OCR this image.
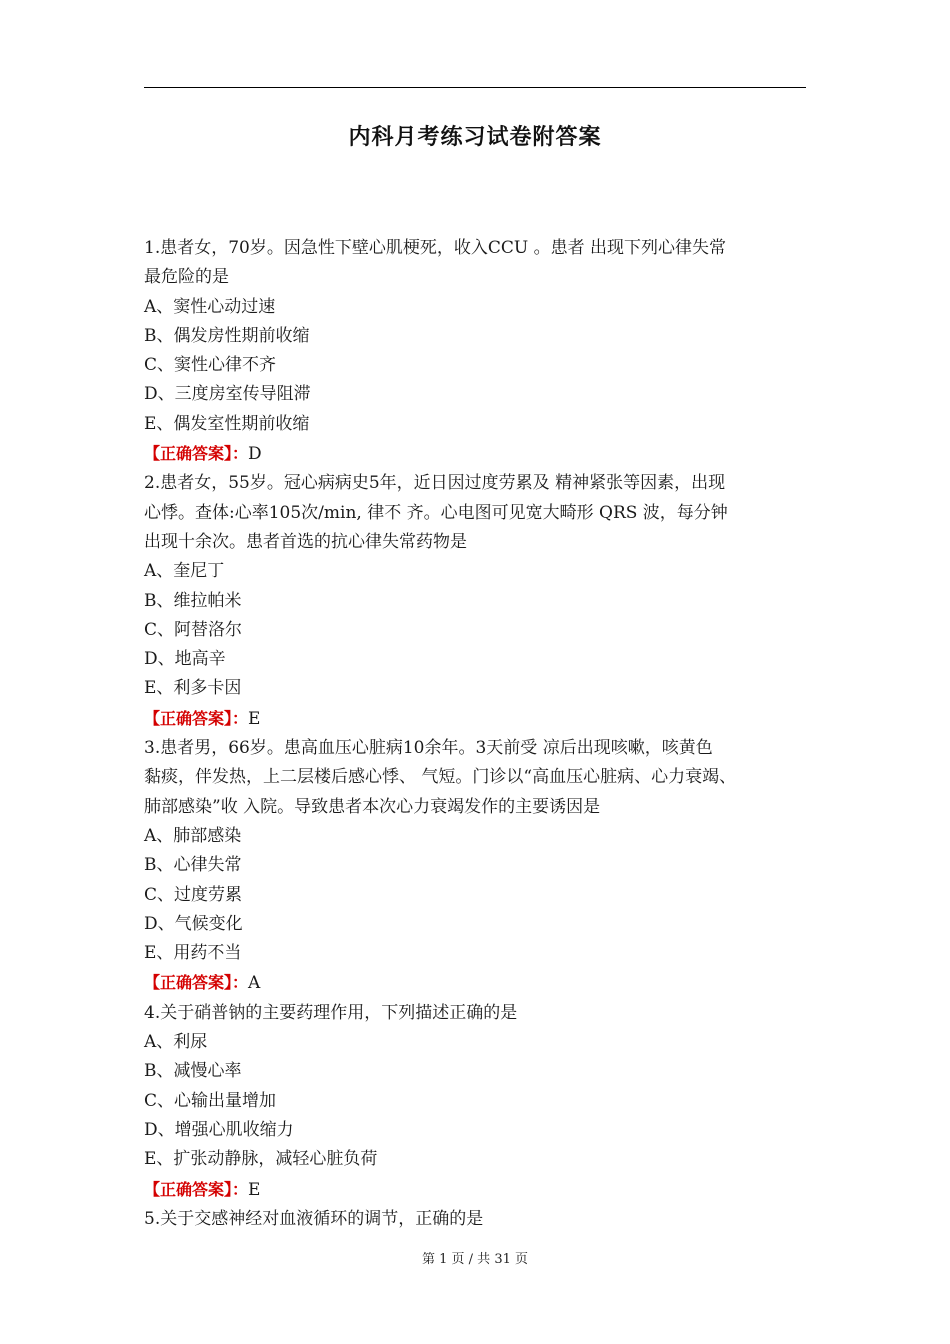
内科月考练习试卷附答案
1.患者女，70岁。因急性下壁心肌梗死，收入CCU 。患者 出现下列心律失常
最危险的是
A、窦性心动过速
B、偶发房性期前收缩
C、窦性心律不齐
D、三度房室传导阻滞
E、偶发室性期前收缩
【正确答案】：D
2.患者女，55岁。冠心病病史5年，近日因过度劳累及 精神紧张等因素，出现
心悸。查体:心率105次/min, 律不 齐。心电图可见宽大畸形 QRS 波，每分钟
出现十余次。患者首选的抗心律失常药物是
A、奎尼丁
B、维拉帕米
C、阿替洛尔
D、地高辛
E、利多卡因
【正确答案】：E
3.患者男，66岁。患高血压心脏病10余年。3天前受 凉后出现咳嗽，咳黄色
黏痰，伴发热，上二层楼后感心悸、 气短。门诊以“高血压心脏病、心力衰竭、
肺部感染”收 入院。导致患者本次心力衰竭发作的主要诱因是
A、肺部感染
B、心律失常
C、过度劳累
D、气候变化
E、用药不当
【正确答案】：A
4.关于硝普钠的主要药理作用，下列描述正确的是
A、利尿
B、减慢心率
C、心输出量增加
D、增强心肌收缩力
E、扩张动静脉，减轻心脏负荷
【正确答案】：E
5.关于交感神经对血液循环的调节，正确的是
第 1 页 / 共 31 页
